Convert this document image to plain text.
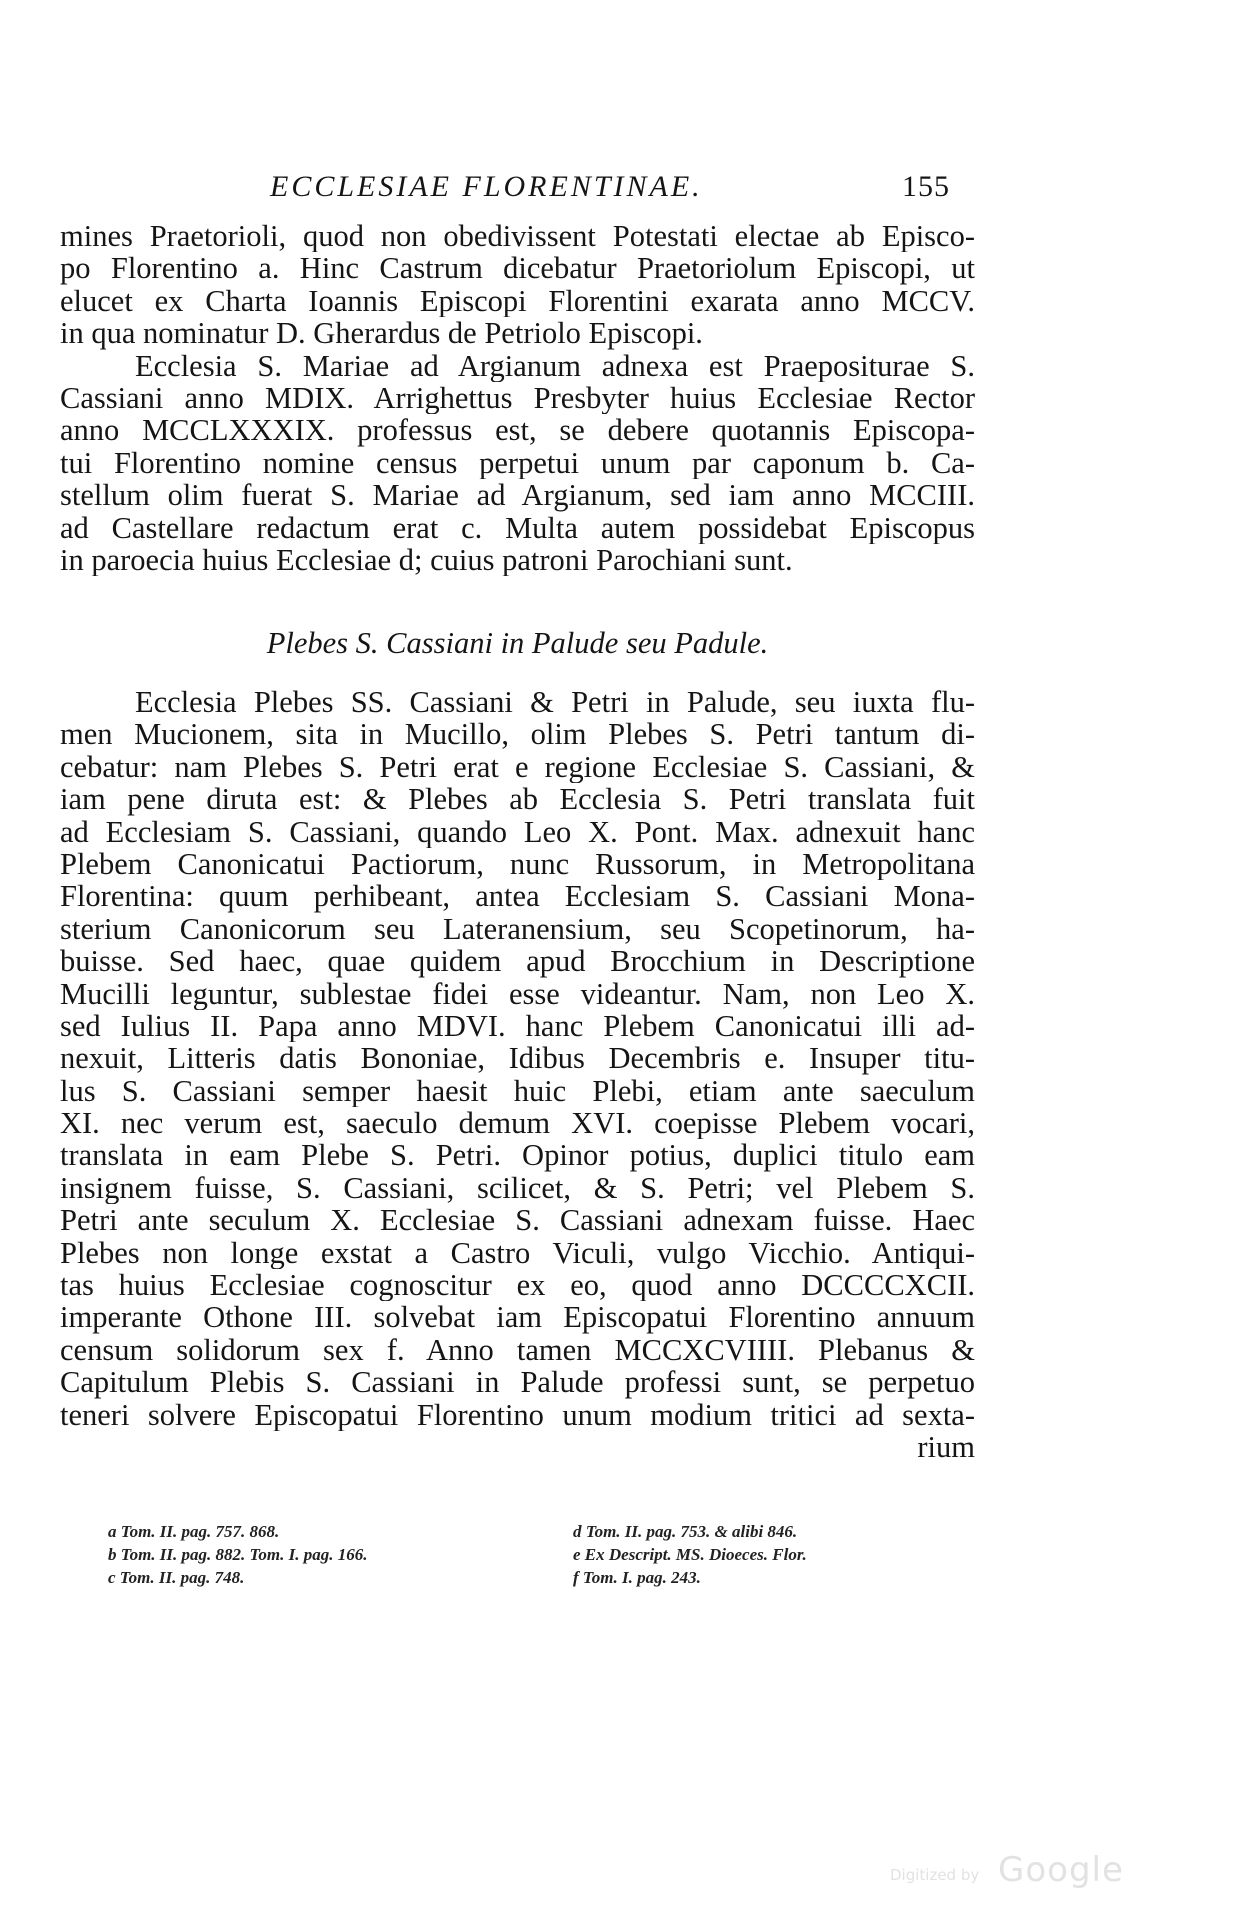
ECCLESIAE FLORENTINAE.	155
mines Praetorioli, quod non obedivissent Potestati electae ab Episco-
po Florentino a. Hinc Castrum dicebatur Praetoriolum Episcopi, ut
elucet ex Charta Ioannis Episcopi Florentini exarata anno MCCV.
in qua nominatur D. Gherardus de Petriolo Episcopi.
Ecclesia S. Mariae ad Argianum adnexa est Praeposituraе S.
Cassiani anno MDIX. Arrighettus Presbyter huius Ecclesiae Rector
anno MCCLXXXIX. professus est, se debere quotannis Episcopa-
tui Florentino nomine census perpetui unum par caponum b. Ca-
stellum olim fuerat S. Mariae ad Argianum, sed iam anno MCCIII.
ad Castellare redactum erat c. Multa autem possidebat Episcopus
in paroecia huius Ecclesiae d; cuius patroni Parochiani sunt.
Plebes S. Cassiani in Palude seu Padule.
Ecclesia Plebes SS. Cassiani & Petri in Palude, seu iuxta flu-
men Mucionem, sita in Mucillo, olim Plebes S. Petri tantum di-
cebatur: nam Plebes S. Petri erat e regione Ecclesiae S. Cassiani, &
iam pene diruta est: & Plebes ab Ecclesia S. Petri translata fuit
ad Ecclesiam S. Cassiani, quando Leo X. Pont. Max. adnexuit hanc
Plebem Canonicatui Pactiorum, nunc Russorum, in Metropolitana
Florentina: quum perhibeant, antea Ecclesiam S. Cassiani Mona-
sterium Canonicorum seu Lateranensium, seu Scopetinorum, ha-
buisse. Sed haec, quae quidem apud Brocchium in Descriptione
Mucilli leguntur, sublestae fidei esse videantur. Nam, non Leo X.
sed Iulius II. Papa anno MDVI. hanc Plebem Canonicatui illi ad-
nexuit, Litteris datis Bononiae, Idibus Decembris e. Insuper titu-
lus S. Cassiani semper haesit huic Plebi, etiam ante saeculum
XI. nec verum est, saeculo demum XVI. coepisse Plebem vocari,
translata in eam Plebe S. Petri. Opinor potius, duplici titulo eam
insignem fuisse, S. Cassiani, scilicet, & S. Petri; vel Plebem S.
Petri ante seculum X. Ecclesiae S. Cassiani adnexam fuisse. Haec
Plebes non longe exstat a Castro Viculi, vulgo Vicchio. Antiqui-
tas huius Ecclesiae cognoscitur ex eo, quod anno DCCCCXCII.
imperante Othone III. solvebat iam Episcopatui Florentino annuum
censum solidorum sex f. Anno tamen MCCXCVIIII. Plebanus &
Capitulum Plebis S. Cassiani in Palude professi sunt, se perpetuo
teneri solvere Episcopatui Florentino unum modium tritici ad sexta-
rium
a Tom. II. pag. 757. 868.
b Tom. II. pag. 882. Tom. I. pag. 166.
c Tom. II. pag. 748.
d Tom. II. pag. 753. & alibi 846.
e Ex Descript. MS. Dioeces. Flor.
f Tom. I. pag. 243.
Digitized by Google
